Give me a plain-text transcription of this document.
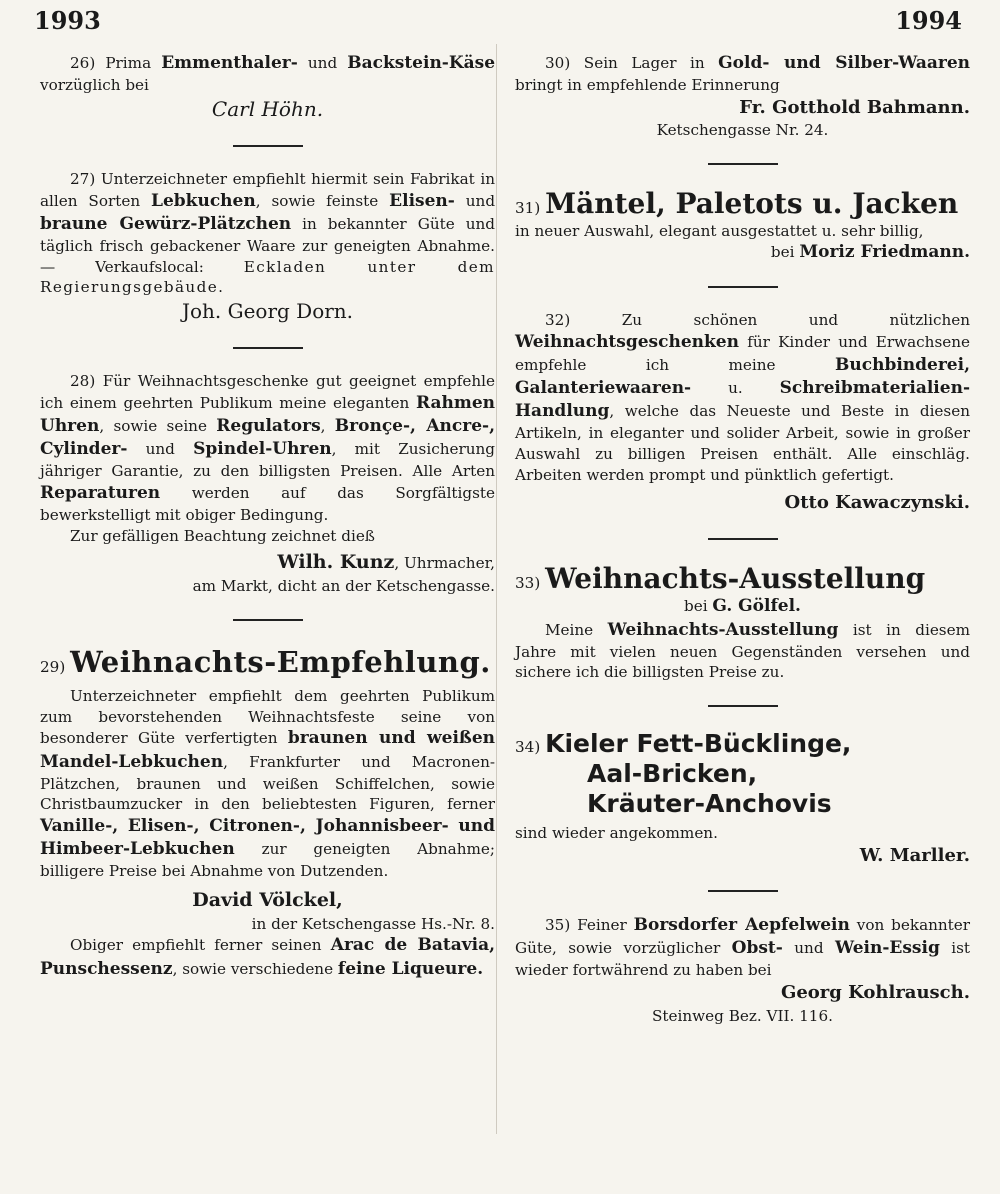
1993	1994

26) Prima Emmenthaler- und Backstein-Käse vorzüglich bei

Carl Höhn.

27) Unterzeichneter empfiehlt hiermit sein Fabrikat in allen Sorten Lebkuchen, sowie feinste Elisen- und braune Gewürz-Plätzchen in bekannter Güte und täglich frisch gebackener Waare zur geneigten Abnahme. — Verkaufslocal:	Eckladen unter dem Regierungsgebäude.

Joh. Georg Dorn.

28) Für Weihnachtsgeschenke gut geeignet empfehle ich einem geehrten Publikum meine eleganten Rahmen Uhren, sowie seine Regulators, Bronçe-, Ancre-, Cylinder- und Spindel-Uhren, mit Zusicherung jähriger Garantie, zu den billigsten Preisen. Alle Arten Reparaturen werden auf das Sorgfältigste bewerkstelligt mit obiger Bedingung.

Zur gefälligen Beachtung zeichnet dieß

Wilh. Kunz, Uhrmacher,

am Markt, dicht an der Ketschengasse.

29) Weihnachts-Empfehlung.

Unterzeichneter empfiehlt dem geehrten Publikum zum bevorstehenden Weihnachtsfeste seine von besonderer Güte verfertigten braunen und weißen Mandel-Lebkuchen, Frankfurter und Macronen-Plätzchen, braunen und weißen Schiffelchen, sowie Christbaumzucker in den beliebtesten Figuren, ferner Vanille-, Elisen-, Citronen-, Johannisbeer- und Himbeer-Lebkuchen zur geneigten Abnahme; billigere Preise bei Abnahme von Dutzenden.

David Völckel,

in der Ketschengasse Hs.-Nr. 8.

Obiger empfiehlt ferner seinen Arac de Batavia, Punschessenz, sowie verschiedene feine Liqueure.

30) Sein Lager in Gold- und Silber-Waaren bringt in empfehlende Erinnerung

Fr. Gotthold Bahmann.

Ketschengasse Nr. 24.

31) Mäntel, Paletots u. Jacken

in neuer Auswahl, elegant ausgestattet u. sehr billig,

bei Moriz Friedmann.

32)	Zu schönen und nützlichen Weihnachtsgeschenken für Kinder und Erwachsene empfehle ich meine	Buchbinderei, Galanteriewaaren- u. Schreibmaterialien-Handlung, welche das Neueste und Beste in diesen Artikeln, in eleganter und solider Arbeit, sowie in großer Auswahl zu billigen Preisen enthält. Alle einschläg. Arbeiten werden prompt und pünktlich gefertigt.

Otto Kawaczynski.

33) Weihnachts-Ausstellung

bei G. Gölfel.

Meine Weihnachts-Ausstellung ist in diesem Jahre mit vielen neuen Gegenständen versehen und sichere ich die billigsten Preise zu.

34) Kieler Fett-Bücklinge,

Aal-Bricken,

Kräuter-Anchovis

sind wieder angekommen.

W. Marller.

35) Feiner Borsdorfer Aepfelwein von bekannter Güte, sowie vorzüglicher Obst- und Wein-Essig ist wieder fortwährend zu haben bei

Georg Kohlrausch.

Steinweg Bez. VII. 116.
